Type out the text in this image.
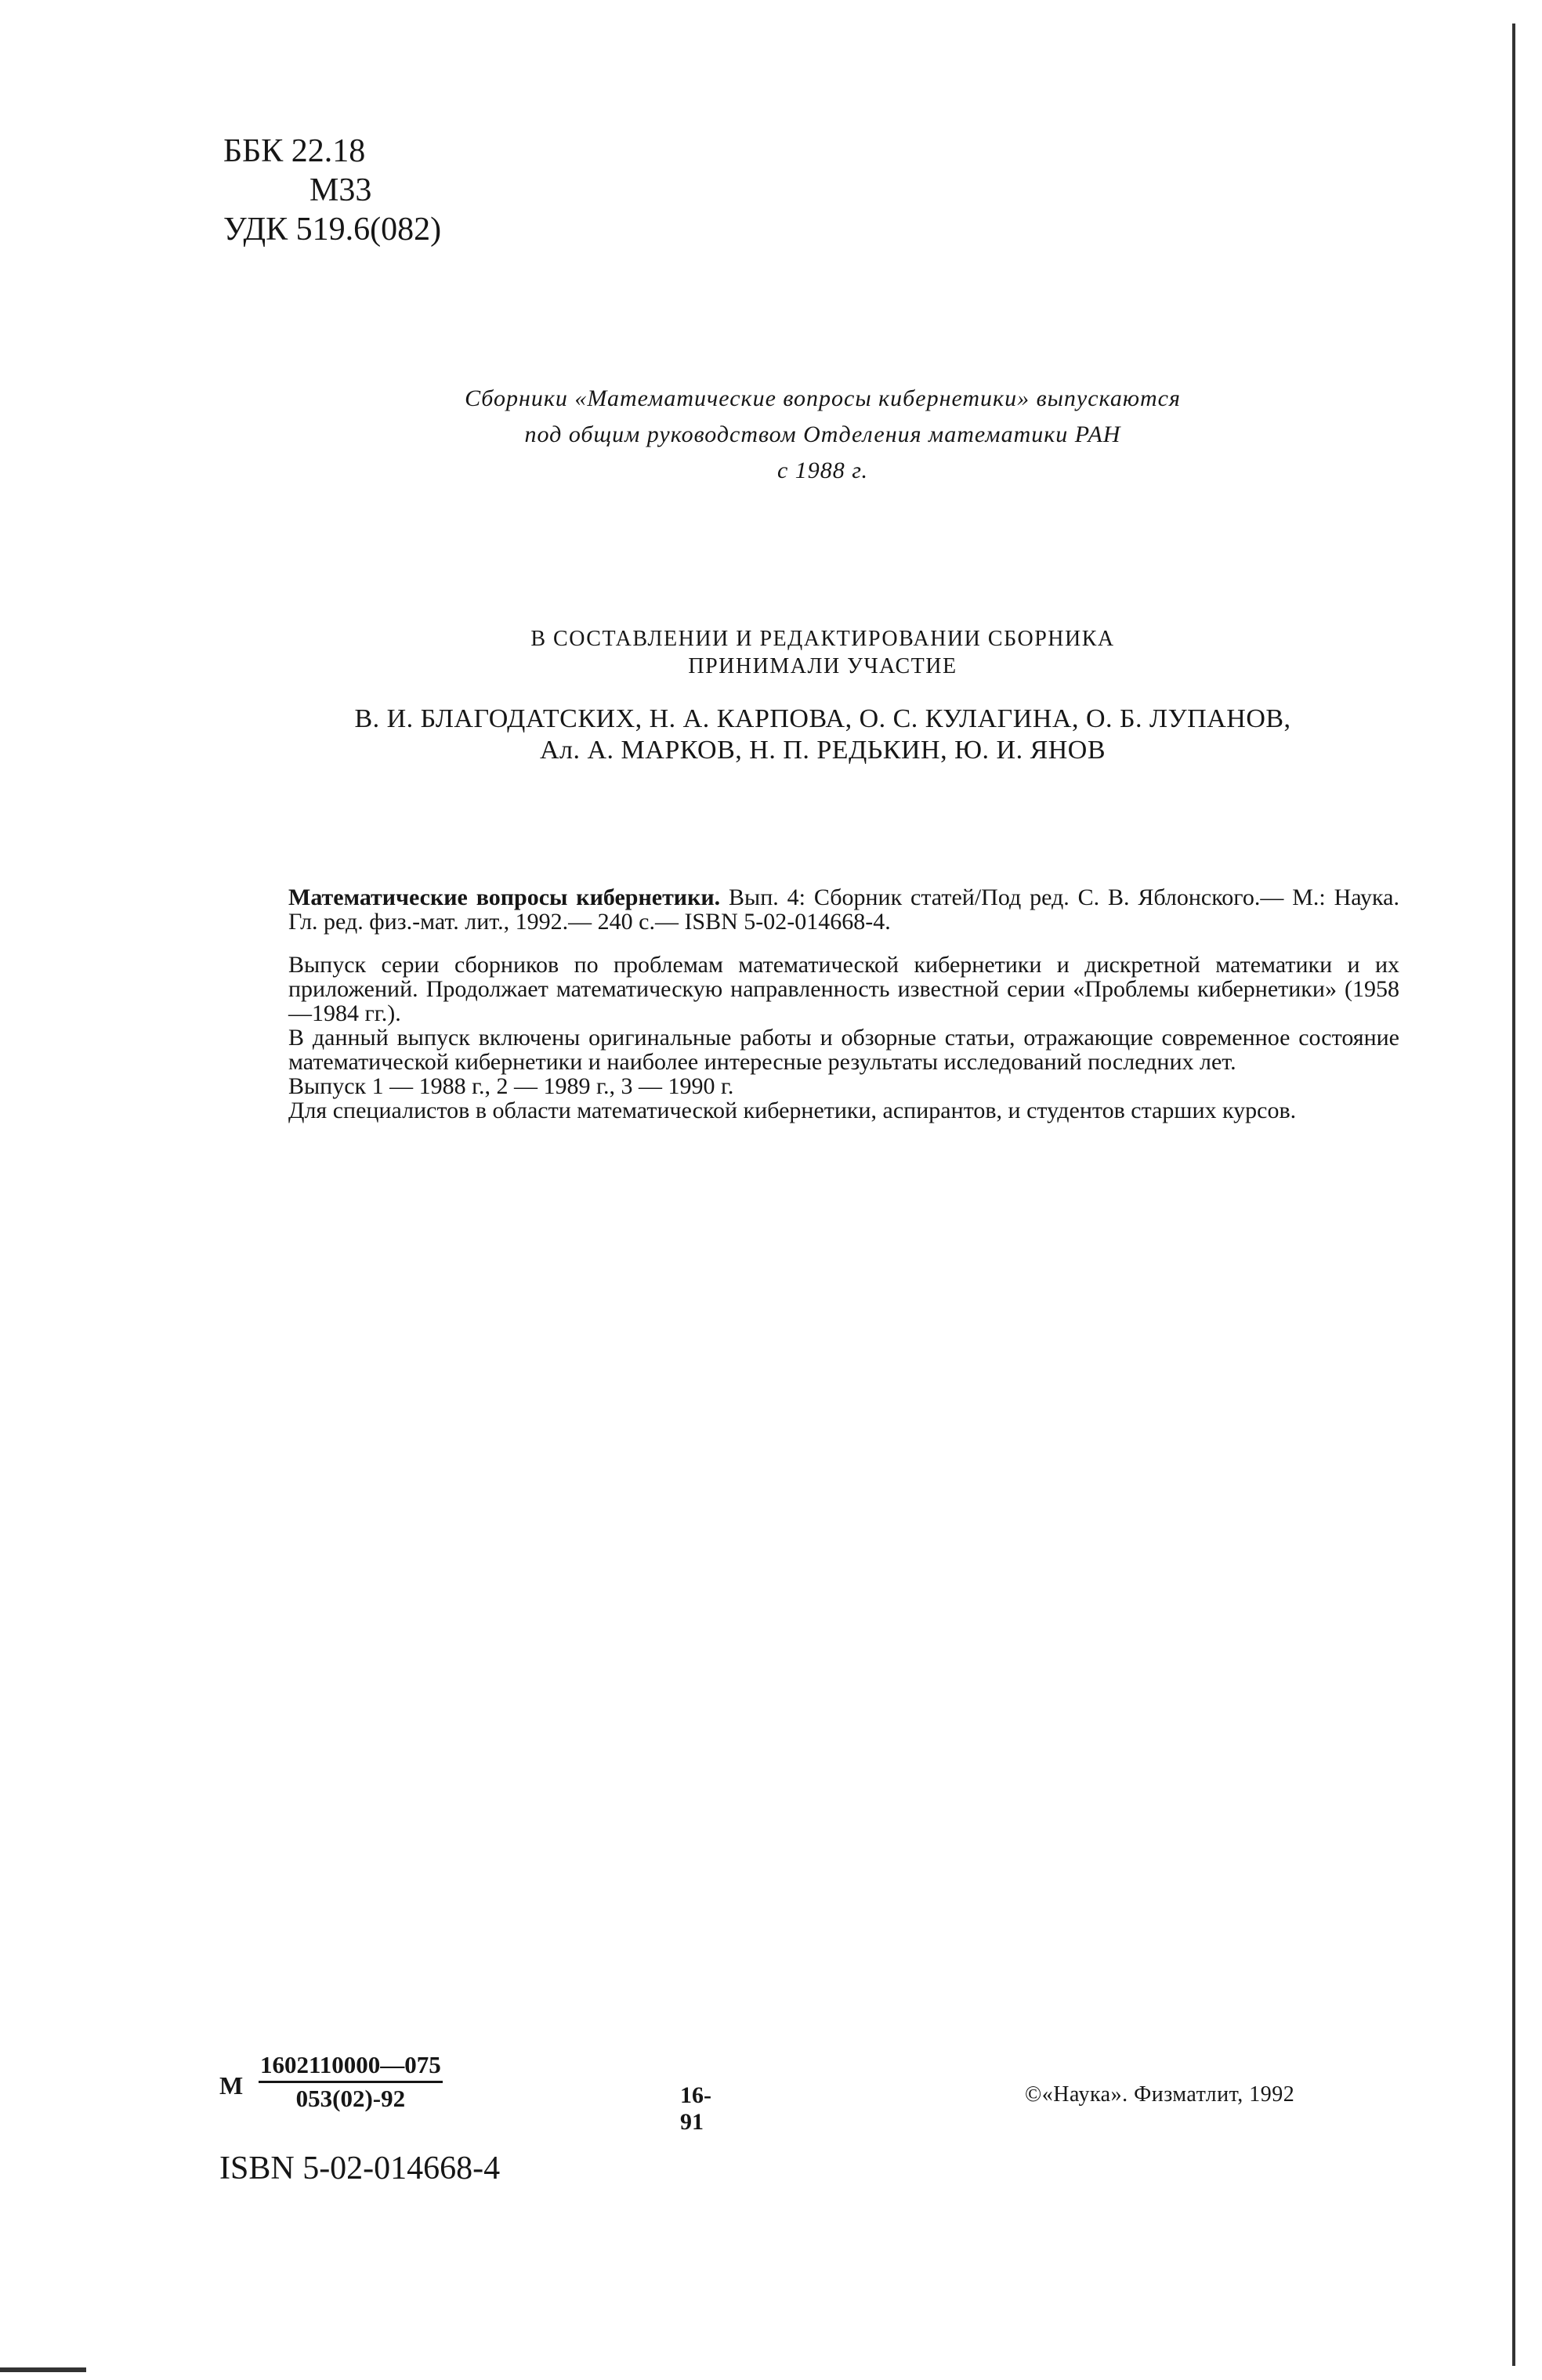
ББК 22.18
М33
УДК 519.6(082)
Сборники «Математические вопросы кибернетики» выпускаются
под общим руководством Отделения математики РАН
с 1988 г.
В СОСТАВЛЕНИИ И РЕДАКТИРОВАНИИ СБОРНИКА
ПРИНИМАЛИ УЧАСТИЕ
В. И. БЛАГОДАТСКИХ, Н. А. КАРПОВА, О. С. КУЛАГИНА, О. Б. ЛУПАНОВ,
Ал. А. МАРКОВ, Н. П. РЕДЬКИН, Ю. И. ЯНОВ

Математические вопросы кибернетики. Вып. 4: Сборник статей/Под ред. С. В. Яблонского.— М.: Наука. Гл. ред. физ.-мат. лит., 1992.— 240 с.— ISBN 5-02-014668-4.

Выпуск серии сборников по проблемам математической кибернетики и дискретной математики и их приложений. Продолжает математическую направленность известной серии «Проблемы кибернетики» (1958—1984 гг.).

В данный выпуск включены оригинальные работы и обзорные статьи, отражающие современное состояние математической кибернетики и наиболее интересные результаты исследований последних лет.

Выпуск 1 — 1988 г., 2 — 1989 г., 3 — 1990 г.

Для специалистов в области математической кибернетики, аспирантов, и студентов старших курсов.

М $\frac{1602110000—075}{053(02)-92}$	16-91
©«Наука». Физматлит, 1992
ISBN 5-02-014668-4
